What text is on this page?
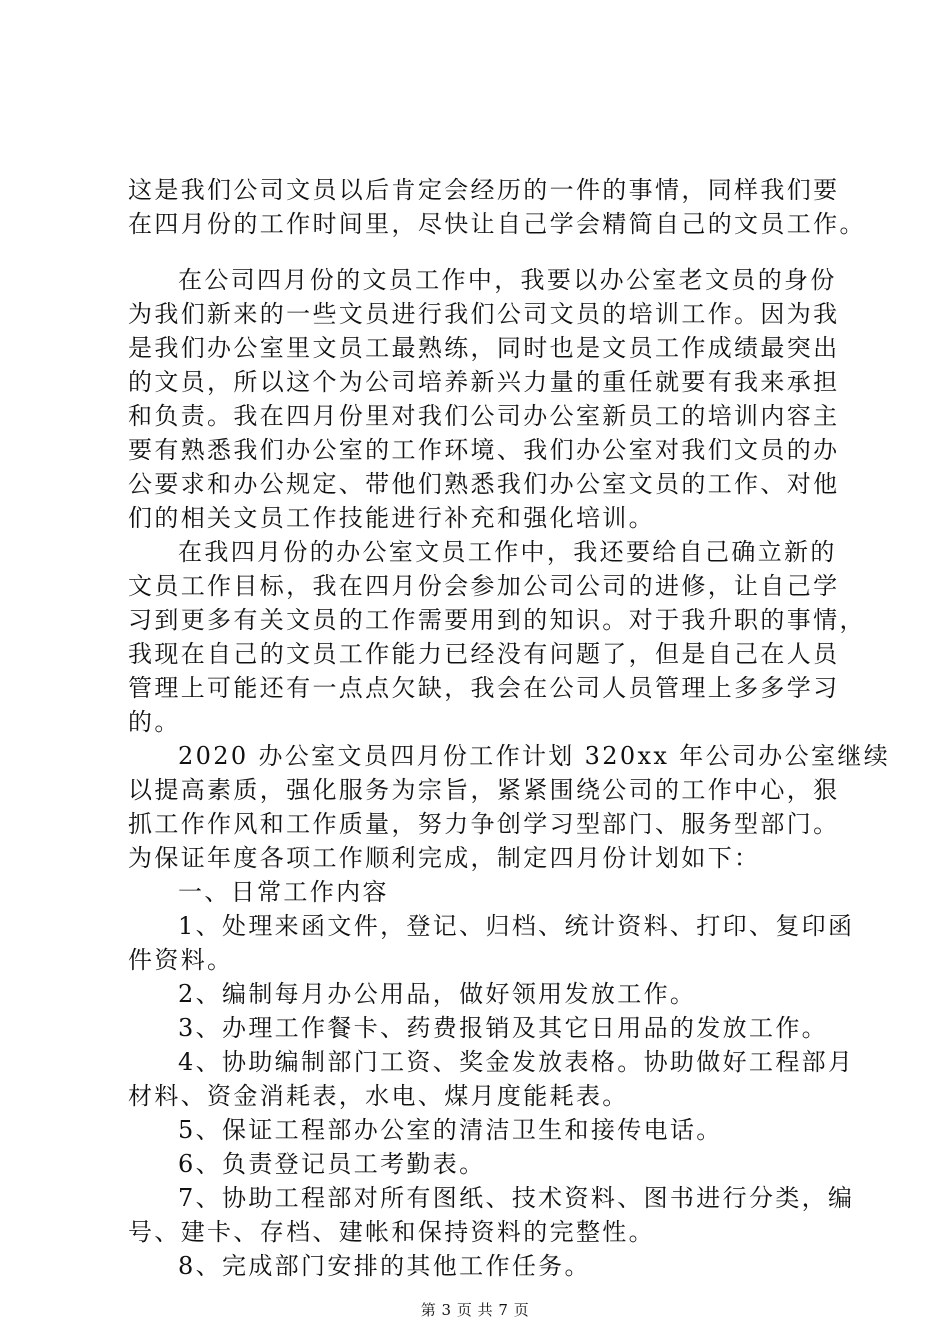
这是我们公司文员以后肯定会经历的一件的事情，同样我们要
在四月份的工作时间里，尽快让自己学会精简自己的文员工作。
在公司四月份的文员工作中，我要以办公室老文员的身份
为我们新来的一些文员进行我们公司文员的培训工作。因为我
是我们办公室里文员工最熟练，同时也是文员工作成绩最突出
的文员，所以这个为公司培养新兴力量的重任就要有我来承担
和负责。我在四月份里对我们公司办公室新员工的培训内容主
要有熟悉我们办公室的工作环境、我们办公室对我们文员的办
公要求和办公规定、带他们熟悉我们办公室文员的工作、对他
们的相关文员工作技能进行补充和强化培训。
在我四月份的办公室文员工作中，我还要给自己确立新的
文员工作目标，我在四月份会参加公司公司的进修，让自己学
习到更多有关文员的工作需要用到的知识。对于我升职的事情，
我现在自己的文员工作能力已经没有问题了，但是自己在人员
管理上可能还有一点点欠缺，我会在公司人员管理上多多学习
的。
2020 办公室文员四月份工作计划 320xx 年公司办公室继续
以提高素质，强化服务为宗旨，紧紧围绕公司的工作中心，狠
抓工作作风和工作质量，努力争创学习型部门、服务型部门。
为保证年度各项工作顺利完成，制定四月份计划如下：
一、日常工作内容
1、处理来函文件，登记、归档、统计资料、打印、复印函
件资料。
2、编制每月办公用品，做好领用发放工作。
3、办理工作餐卡、药费报销及其它日用品的发放工作。
4、协助编制部门工资、奖金发放表格。协助做好工程部月
材料、资金消耗表，水电、煤月度能耗表。
5、保证工程部办公室的清洁卫生和接传电话。
6、负责登记员工考勤表。
7、协助工程部对所有图纸、技术资料、图书进行分类，编
号、建卡、存档、建帐和保持资料的完整性。
8、完成部门安排的其他工作任务。
第 3 页 共 7 页
